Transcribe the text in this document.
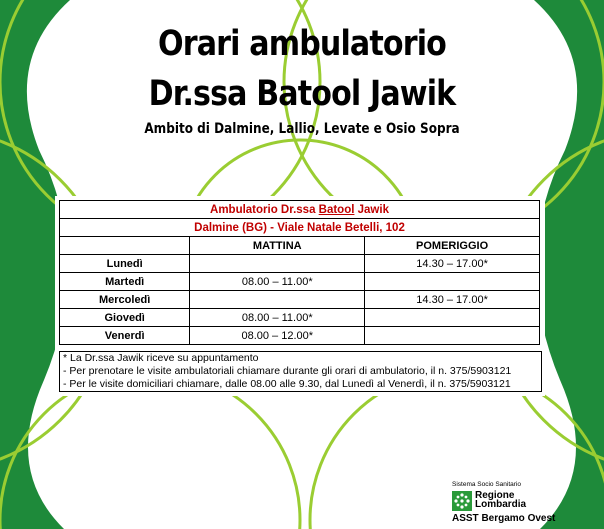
Orari ambulatorio
Dr.ssa Batool Jawik
Ambito di Dalmine, Lallio, Levate e Osio Sopra
Ambulatorio Dr.ssa Batool Jawik		
Dalmine (BG) - Viale Natale Betelli, 102		
	MATTINA	POMERIGGIO
Lunedì		14.30 – 17.00*
Martedì	08.00 – 11.00*	
Mercoledì		14.30 – 17.00*
Giovedì	08.00 – 11.00*	
Venerdì	08.00 – 12.00*	
* La Dr.ssa Jawik riceve su appuntamento
- Per prenotare le visite ambulatoriali chiamare durante gli orari di ambulatorio, il n. 375/5903121
- Per le visite domiciliari chiamare, dalle 08.00 alle 9.30, dal Lunedì al Venerdì, il n. 375/5903121
Sistema Socio Sanitario
Regione
Lombardia
ASST Bergamo Ovest
